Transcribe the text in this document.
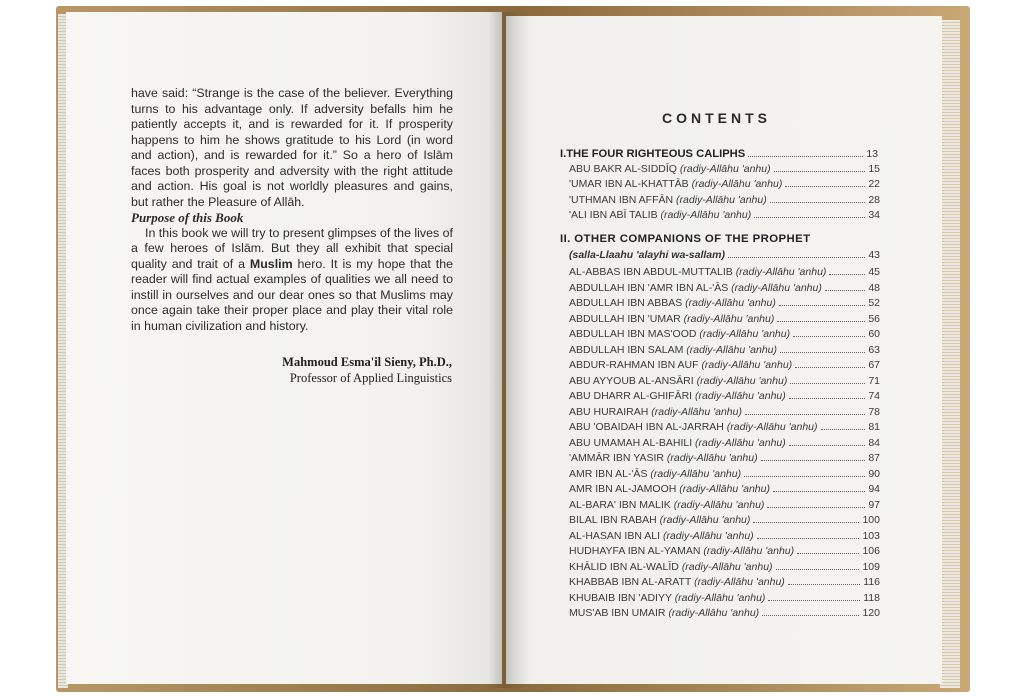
have said: “Strange is the case of the believer. Everything turns to his advantage only. If adversity befalls him he patiently accepts it, and is rewarded for it. If prosperity happens to him he shows gratitude to his Lord (in word and action), and is rewarded for it.” So a hero of Islām faces both prosperity and adversity with the right attitude and action. His goal is not worldly pleasures and gains, but rather the Pleasure of Allāh.

Purpose of this Book

In this book we will try to present glimpses of the lives of a few heroes of Islām. But they all exhibit that special quality and trait of a Muslim hero. It is my hope that the reader will find actual examples of qualities we all need to instill in ourselves and our dear ones so that Muslims may once again take their proper place and play their vital role in human civilization and history.

Mahmoud Esma'il Sieny, Ph.D.,
Professor of Applied Linguistics
CONTENTS
I.THE FOUR RIGHTEOUS CALIPHS	13
ABU BAKR AL-SIDDĪQ (radiy-Allāhu 'anhu)	15
'UMAR IBN AL-KHATTĀB (radiy-Allāhu 'anhu)	22
'UTHMAN IBN AFFĀN (radiy-Allāhu 'anhu)	28
'ALI IBN ABĪ TALIB (radiy-Allāhu 'anhu)	34
II. OTHER COMPANIONS OF THE PROPHET
(salla-Llaahu 'alayhi wa-sallam)	43
AL-ABBAS IBN ABDUL-MUTTALIB (radiy-Allāhu 'anhu)	45
ABDULLAH IBN 'AMR IBN AL-'ĀS (radiy-Allāhu 'anhu)	48
ABDULLAH IBN ABBAS (radiy-Allāhu 'anhu)	52
ABDULLAH IBN 'UMAR (radiy-Allāhu 'anhu)	56
ABDULLAH IBN MAS'OOD (radiy-Allāhu 'anhu)	60
ABDULLAH IBN SALAM (radiy-Allāhu 'anhu)	63
ABDUR-RAHMAN IBN AUF (radiy-Allāhu 'anhu)	67
ABU AYYOUB AL-ANSĀRI (radiy-Allāhu 'anhu)	71
ABU DHARR AL-GHIFĀRI (radiy-Allāhu 'anhu)	74
ABU HURAIRAH (radiy-Allāhu 'anhu)	78
ABU 'OBAIDAH IBN AL-JARRAH (radiy-Allāhu 'anhu)	81
ABU UMAMAH AL-BAHILI (radiy-Allāhu 'anhu)	84
'AMMĀR IBN YASIR (radiy-Allāhu 'anhu)	87
AMR IBN AL-'ĀS (radiy-Allāhu 'anhu)	90
AMR IBN AL-JAMOOH (radiy-Allāhu 'anhu)	94
AL-BARA' IBN MALIK (radiy-Allāhu 'anhu)	97
BILAL IBN RABAH (radiy-Allāhu 'anhu)	100
AL-HASAN IBN ALI (radiy-Allāhu 'anhu)	103
HUDHAYFA IBN AL-YAMAN (radiy-Allāhu 'anhu)	106
KHĀLID IBN AL-WALĪD (radiy-Allāhu 'anhu)	109
KHABBAB IBN AL-ARATT (radiy-Allāhu 'anhu)	116
KHUBAIB IBN 'ADIYY (radiy-Allāhu 'anhu)	118
MUS'AB IBN UMAIR (radiy-Allāhu 'anhu)	120
